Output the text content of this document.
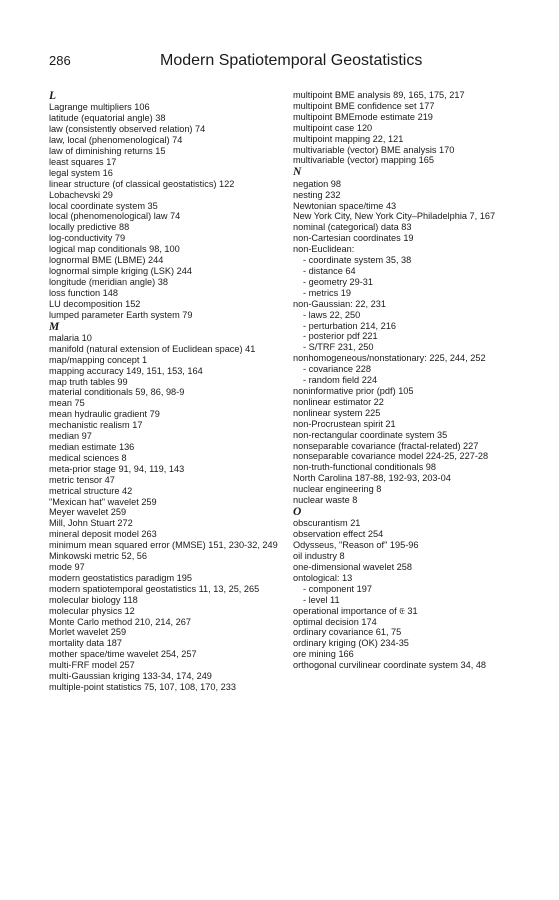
286	Modern Spatiotemporal Geostatistics
L
Lagrange multipliers 106
latitude (equatorial angle) 38
law (consistently observed relation) 74
law, local (phenomenological) 74
law of diminishing returns 15
least squares 17
legal system 16
linear structure (of classical geostatistics) 122
Lobachevski 29
local coordinate system 35
local (phenomenological) law 74
locally predictive 88
log-conductivity 79
logical map conditionals 98, 100
lognormal BME (LBME) 244
lognormal simple kriging (LSK) 244
longitude (meridian angle) 38
loss function 148
LU decomposition 152
lumped parameter Earth system 79
M
malaria 10
manifold (natural extension of Euclidean space) 41
map/mapping concept 1
mapping accuracy 149, 151, 153, 164
map truth tables 99
material conditionals 59, 86, 98-9
mean 75
mean hydraulic gradient 79
mechanistic realism 17
median 97
median estimate 136
medical sciences 8
meta-prior stage 91, 94, 119, 143
metric tensor 47
metrical structure 42
"Mexican hat" wavelet 259
Meyer wavelet 259
Mill, John Stuart 272
mineral deposit model 263
minimum mean squared error (MMSE) 151, 230-32, 249
Minkowski metric 52, 56
mode 97
modern geostatistics paradigm 195
modern spatiotemporal geostatistics 11, 13, 25, 265
molecular biology 118
molecular physics 12
Monte Carlo method 210, 214, 267
Morlet wavelet 259
mortality data 187
mother space/time wavelet 254, 257
multi-FRF model 257
multi-Gaussian kriging 133-34, 174, 249
multiple-point statistics 75, 107, 108, 170, 233
multipoint BME analysis 89, 165, 175, 217
multipoint BME confidence set 177
multipoint BMEmode estimate 219
multipoint case 120
multipoint mapping 22, 121
multivariable (vector) BME analysis 170
multivariable (vector) mapping 165
N
negation 98
nesting 232
Newtonian space/time 43
New York City, New York City–Philadelphia 7, 167
nominal (categorical) data 83
non-Cartesian coordinates 19
non-Euclidean:
- coordinate system 35, 38
- distance 64
- geometry 29-31
- metrics 19
non-Gaussian: 22, 231
- laws 22, 250
- perturbation 214, 216
- posterior pdf 221
- S/TRF 231, 250
nonhomogeneous/nonstationary: 225, 244, 252
- covariance 228
- random field 224
noninformative prior (pdf) 105
nonlinear estimator 22
nonlinear system 225
non-Procrustean spirit 21
non-rectangular coordinate system 35
nonseparable covariance (fractal-related) 227
nonseparable covariance model 224-25, 227-28
non-truth-functional conditionals 98
North Carolina 187-88, 192-93, 203-04
nuclear engineering 8
nuclear waste 8
O
obscurantism 21
observation effect 254
Odysseus, "Reason of" 195-96
oil industry 8
one-dimensional wavelet 258
ontological: 13
- component 197
- level 11
operational importance of 𝔈 31
optimal decision 174
ordinary covariance 61, 75
ordinary kriging (OK) 234-35
ore mining 166
orthogonal curvilinear coordinate system 34, 48
